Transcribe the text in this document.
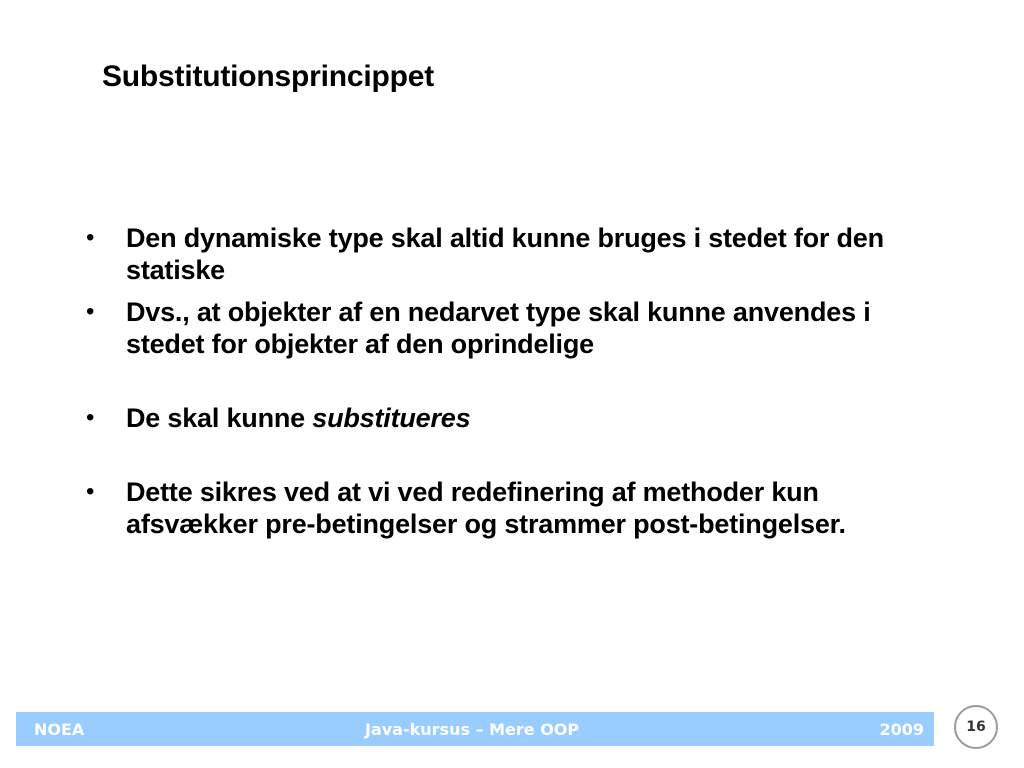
Substitutionsprincippet
• Den dynamiske type skal altid kunne bruges i stedet for den statiske
• Dvs., at objekter af en nedarvet type skal kunne anvendes i stedet for objekter af den oprindelige
• De skal kunne substitueres
• Dette sikres ved at vi ved redefinering af methoder kun afsvækker pre-betingelser og strammer post-betingelser.
NOEA	Java-kursus – Mere OOP	2009	16
